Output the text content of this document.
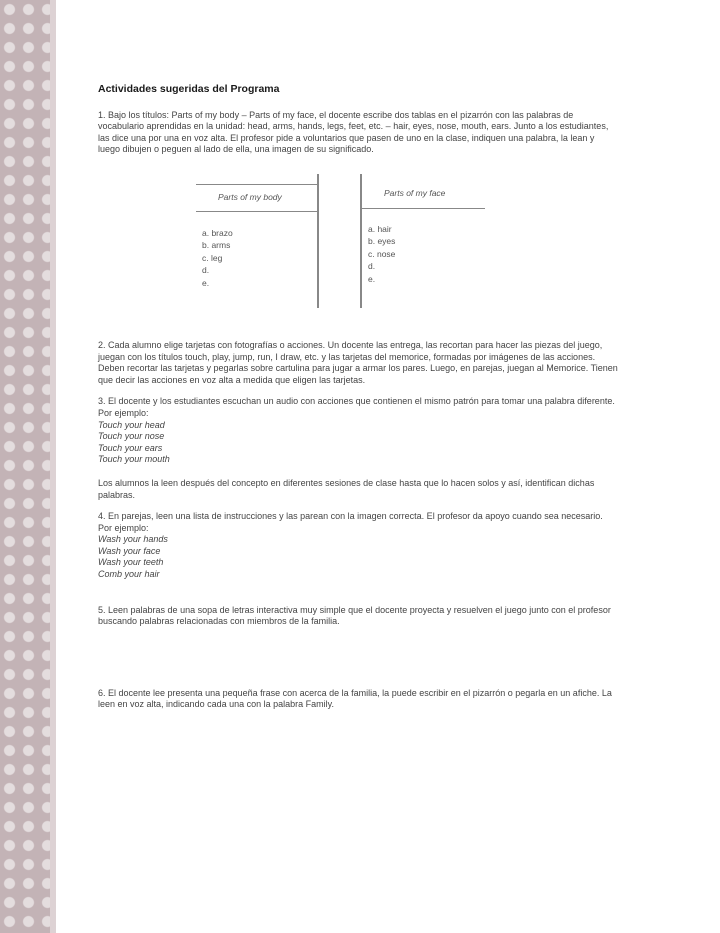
Actividades sugeridas del Programa

1. Bajo los títulos: Parts of my body – Parts of my face, el docente escribe dos tablas en el pizarrón con las palabras de vocabulario aprendidas en la unidad: head, arms, hands, legs, feet, etc. – hair, eyes, nose, mouth, ears. Junto a los estudiantes, las dice una por una en voz alta. El profesor pide a voluntarios que pasen de uno en la clase, indiquen una palabra, la lean y luego dibujen o peguen al lado de ella, una imagen de su significado.

Parts of my body
a. brazo
b. arms
c. leg
d.
e.
Parts of my face
a. hair
b. eyes
c. nose
d.
e.

2. Cada alumno elige tarjetas con fotografías o acciones. Un docente las entrega, las recortan para hacer las piezas del juego, juegan con los títulos touch, play, jump, run, I draw, etc. y las tarjetas del memorice, formadas por imágenes de las acciones. Deben recortar las tarjetas y pegarlas sobre cartulina para jugar a armar los pares. Luego, en parejas, juegan al Memorice. Tienen que decir las acciones en voz alta a medida que eligen las tarjetas.

3. El docente y los estudiantes escuchan un audio con acciones que contienen el mismo patrón para tomar una palabra diferente.

Por ejemplo:

Touch your head

Touch your nose

Touch your ears

Touch your mouth

Los alumnos la leen después del concepto en diferentes sesiones de clase hasta que lo hacen solos y así, identifican dichas palabras.

4. En parejas, leen una lista de instrucciones y las parean con la imagen correcta. El profesor da apoyo cuando sea necesario.

Por ejemplo:

Wash your hands

Wash your face

Wash your teeth

Comb your hair

5. Leen palabras de una sopa de letras interactiva muy simple que el docente proyecta y resuelven el juego junto con el profesor buscando palabras relacionadas con miembros de la familia.

6. El docente lee presenta una pequeña frase con acerca de la familia, la puede escribir en el pizarrón o pegarla en un afiche. La leen en voz alta, indicando cada una con la palabra Family.
